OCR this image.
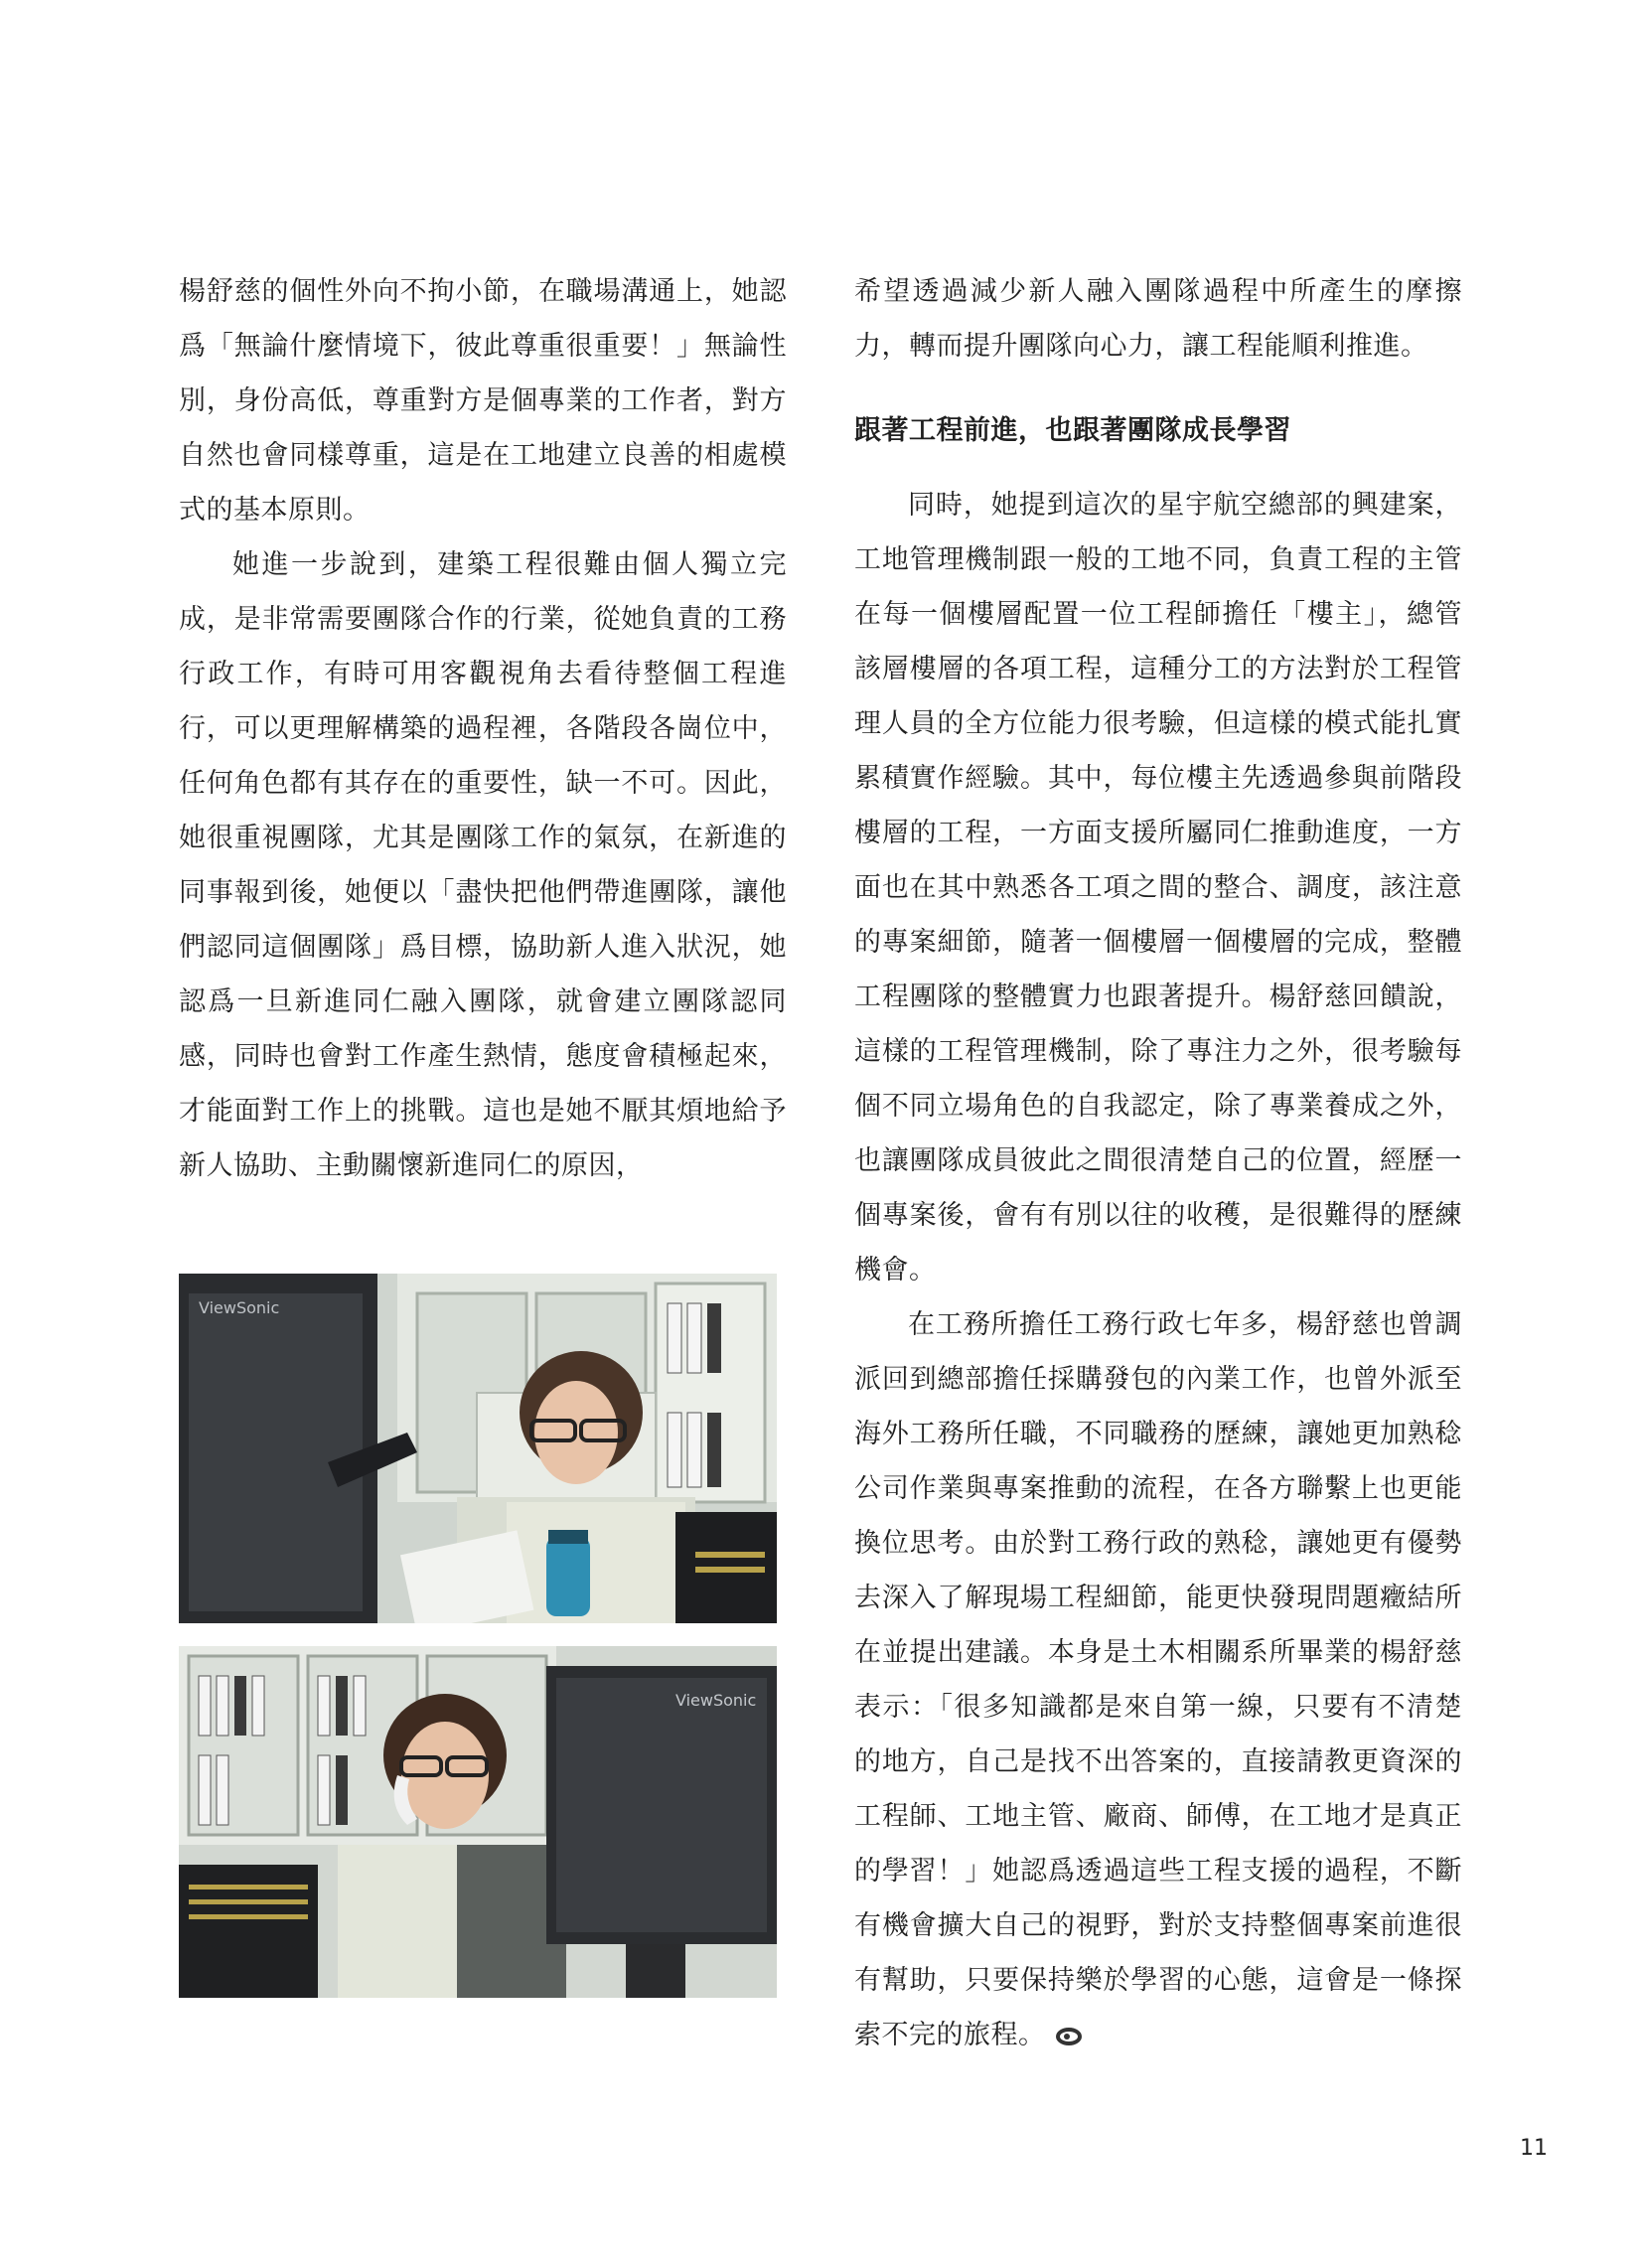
楊舒慈的個性外向不拘小節，在職場溝通上，她認爲「無論什麼情境下，彼此尊重很重要！」無論性別，身份高低，尊重對方是個專業的工作者，對方自然也會同樣尊重，這是在工地建立良善的相處模式的基本原則。

她進一步說到，建築工程很難由個人獨立完成，是非常需要團隊合作的行業，從她負責的工務行政工作，有時可用客觀視角去看待整個工程進行，可以更理解構築的過程裡，各階段各崗位中，任何角色都有其存在的重要性，缺一不可。因此，她很重視團隊，尤其是團隊工作的氣氛，在新進的同事報到後，她便以「盡快把他們帶進團隊，讓他們認同這個團隊」爲目標，協助新人進入狀況，她認爲一旦新進同仁融入團隊，就會建立團隊認同感，同時也會對工作產生熱情，態度會積極起來，才能面對工作上的挑戰。這也是她不厭其煩地給予新人協助、主動關懷新進同仁的原因，

ViewSonic
ViewSonic

希望透過減少新人融入團隊過程中所產生的摩擦力，轉而提升團隊向心力，讓工程能順利推進。

跟著工程前進，也跟著團隊成長學習

同時，她提到這次的星宇航空總部的興建案，工地管理機制跟一般的工地不同，負責工程的主管在每一個樓層配置一位工程師擔任「樓主」，總管該層樓層的各項工程，這種分工的方法對於工程管理人員的全方位能力很考驗，但這樣的模式能扎實累積實作經驗。其中，每位樓主先透過參與前階段樓層的工程，一方面支援所屬同仁推動進度，一方面也在其中熟悉各工項之間的整合、調度，該注意的專案細節，隨著一個樓層一個樓層的完成，整體工程團隊的整體實力也跟著提升。楊舒慈回饋說，這樣的工程管理機制，除了專注力之外，很考驗每個不同立場角色的自我認定，除了專業養成之外，也讓團隊成員彼此之間很清楚自己的位置，經歷一個專案後，會有有別以往的收穫，是很難得的歷練機會。

在工務所擔任工務行政七年多，楊舒慈也曾調派回到總部擔任採購發包的內業工作，也曾外派至海外工務所任職，不同職務的歷練，讓她更加熟稔公司作業與專案推動的流程，在各方聯繫上也更能換位思考。由於對工務行政的熟稔，讓她更有優勢去深入了解現場工程細節，能更快發現問題癥結所在並提出建議。本身是土木相關系所畢業的楊舒慈表示：「很多知識都是來自第一線，只要有不清楚的地方，自己是找不出答案的，直接請教更資深的工程師、工地主管、廠商、師傅，在工地才是真正的學習！」她認爲透過這些工程支援的過程，不斷有機會擴大自己的視野，對於支持整個專案前進很有幫助，只要保持樂於學習的心態，這會是一條探索不完的旅程。

11
